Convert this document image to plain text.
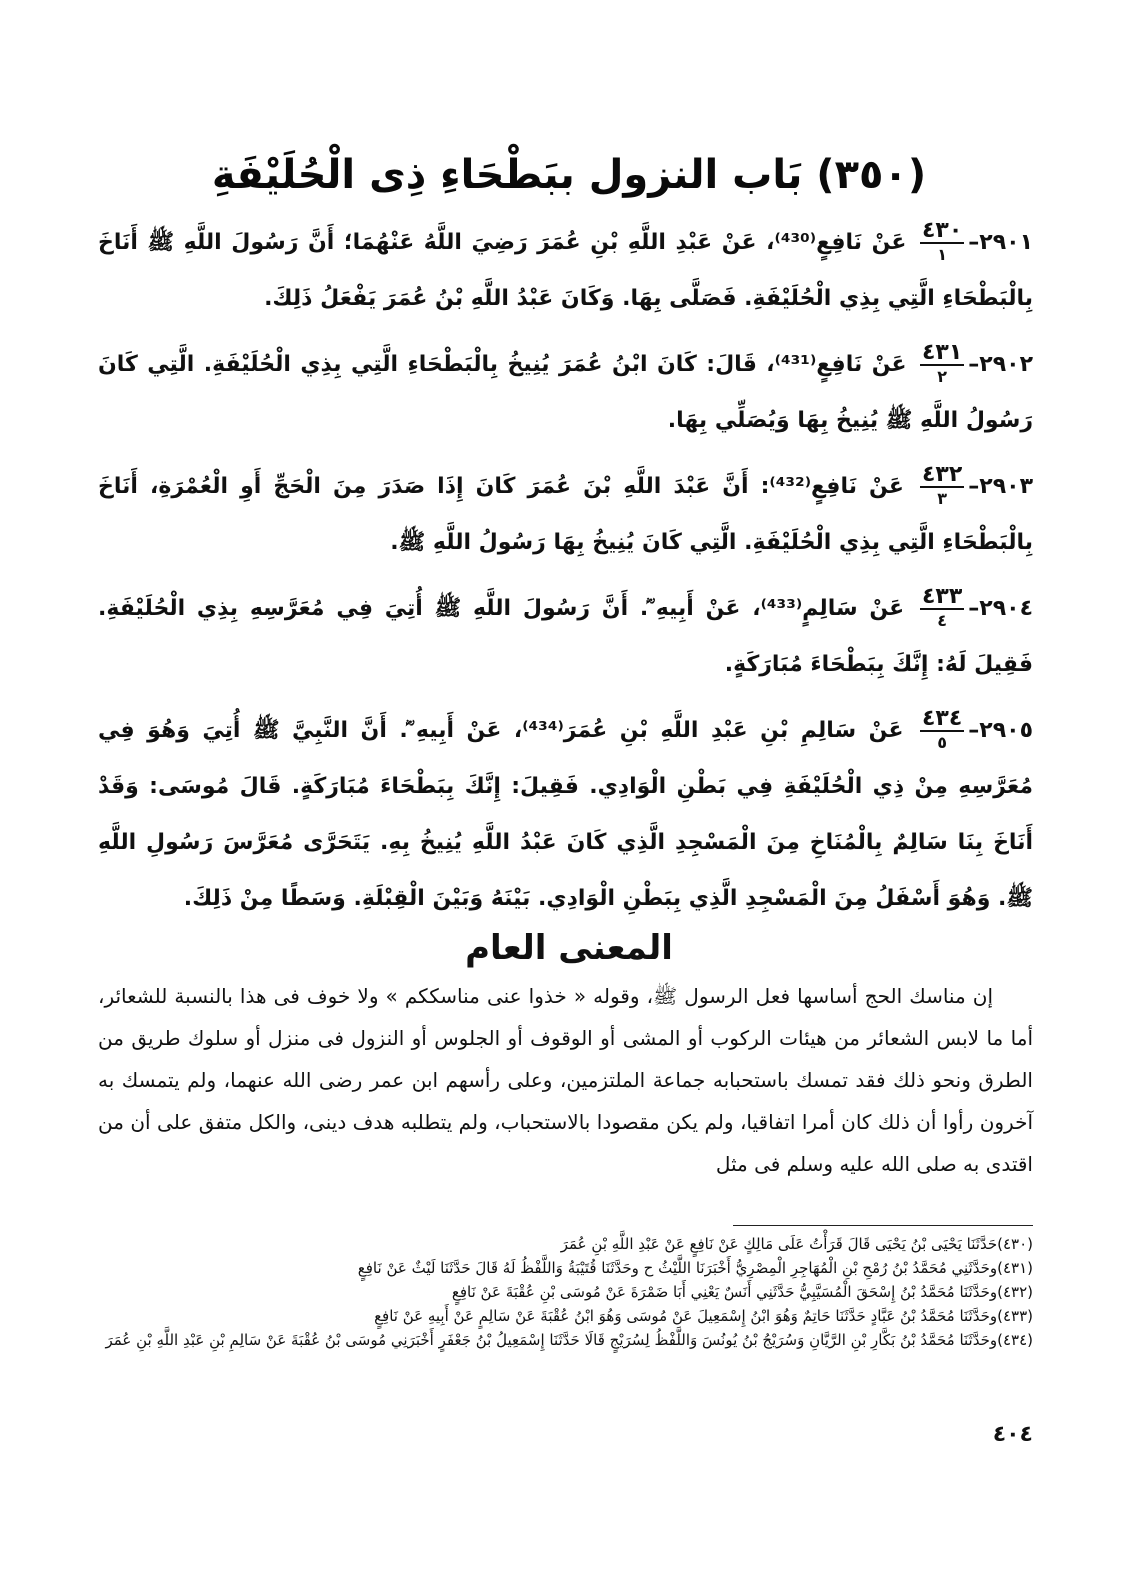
(٣٥٠) بَاب النزول ببَطْحَاءِ ذِى الْحُلَيْفَةِ

٢٩٠١–
٤٣٠
١
عَنْ نَافِعٍ⁽⁴³⁰⁾، عَنْ عَبْدِ اللَّهِ بْنِ عُمَرَ رَضِيَ اللَّهُ عَنْهُمَا؛ أَنَّ رَسُولَ اللَّهِ ﷺ أَنَاخَ بِالْبَطْحَاءِ الَّتِي بِذِي الْحُلَيْفَةِ. فَصَلَّى بِهَا. وَكَانَ عَبْدُ اللَّهِ بْنُ عُمَرَ يَفْعَلُ ذَلِكَ.

٢٩٠٢–
٤٣١
٢
عَنْ نَافِعٍ⁽⁴³¹⁾، قَالَ: كَانَ ابْنُ عُمَرَ يُنِيخُ بِالْبَطْحَاءِ الَّتِي بِذِي الْحُلَيْفَةِ. الَّتِي كَانَ رَسُولُ اللَّهِ ﷺ يُنِيخُ بِهَا وَيُصَلِّي بِهَا.

٢٩٠٣–
٤٣٢
٣
عَنْ نَافِعٍ⁽⁴³²⁾: أَنَّ عَبْدَ اللَّهِ بْنَ عُمَرَ كَانَ إِذَا صَدَرَ مِنَ الْحَجِّ أَوِ الْعُمْرَةِ، أَنَاخَ بِالْبَطْحَاءِ الَّتِي بِذِي الْحُلَيْفَةِ. الَّتِي كَانَ يُنِيخُ بِهَا رَسُولُ اللَّهِ ﷺ.

٢٩٠٤–
٤٣٣
٤
عَنْ سَالِمٍ⁽⁴³³⁾، عَنْ أَبِيهِ ؓ. أَنَّ رَسُولَ اللَّهِ ﷺ أُتِيَ فِي مُعَرَّسِهِ بِذِي الْحُلَيْفَةِ. فَقِيلَ لَهُ: إِنَّكَ بِبَطْحَاءَ مُبَارَكَةٍ.

٢٩٠٥–
٤٣٤
٥
عَنْ سَالِمِ بْنِ عَبْدِ اللَّهِ بْنِ عُمَرَ⁽⁴³⁴⁾، عَنْ أَبِيهِ ؓ. أَنَّ النَّبِيَّ ﷺ أُتِيَ وَهُوَ فِي مُعَرَّسِهِ مِنْ ذِي الْحُلَيْفَةِ فِي بَطْنِ الْوَادِي. فَقِيلَ: إِنَّكَ بِبَطْحَاءَ مُبَارَكَةٍ. قَالَ مُوسَى: وَقَدْ أَنَاخَ بِنَا سَالِمٌ بِالْمُنَاخِ مِنَ الْمَسْجِدِ الَّذِي كَانَ عَبْدُ اللَّهِ يُنِيخُ بِهِ. يَتَحَرَّى مُعَرَّسَ رَسُولِ اللَّهِ ﷺ. وَهُوَ أَسْفَلُ مِنَ الْمَسْجِدِ الَّذِي بِبَطْنِ الْوَادِي. بَيْنَهُ وَبَيْنَ الْقِبْلَةِ. وَسَطًا مِنْ ذَلِكَ.

المعنى العام

إن مناسك الحج أساسها فعل الرسول ﷺ، وقوله « خذوا عنى مناسككم » ولا خوف فى هذا بالنسبة للشعائر، أما ما لابس الشعائر من هيئات الركوب أو المشى أو الوقوف أو الجلوس أو النزول فى منزل أو سلوك طريق من الطرق ونحو ذلك فقد تمسك باستحبابه جماعة الملتزمين، وعلى رأسهم ابن عمر رضى الله عنهما، ولم يتمسك به آخرون رأوا أن ذلك كان أمرا اتفاقيا، ولم يكن مقصودا بالاستحباب، ولم يتطلبه هدف دينى، والكل متفق على أن من اقتدى به صلى الله عليه وسلم فى مثل

(٤٣٠)حَدَّثَنَا يَحْيَى بْنُ يَحْيَى قَالَ قَرَأْتُ عَلَى مَالِكٍ عَنْ نَافِعٍ عَنْ عَبْدِ اللَّهِ بْنِ عُمَرَ
(٤٣١)وحَدَّثَنِي مُحَمَّدُ بْنُ رُمْحِ بْنِ الْمُهَاجِرِ الْمِصْرِيُّ أَخْبَرَنَا اللَّيْثُ ح وحَدَّثَنَا قُتَيْبَةُ وَاللَّفْظُ لَهُ قَالَ حَدَّثَنَا لَيْثٌ عَنْ نَافِعٍ
(٤٣٢)وحَدَّثَنَا مُحَمَّدُ بْنُ إِسْحَقَ الْمُسَيَّبِيُّ حَدَّثَنِي أَنَسٌ يَعْنِي أَبَا ضَمْرَةَ عَنْ مُوسَى بْنِ عُقْبَةَ عَنْ نَافِعٍ
(٤٣٣)وحَدَّثَنَا مُحَمَّدُ بْنُ عَبَّادٍ حَدَّثَنَا حَاتِمٌ وَهُوَ ابْنُ إِسْمَعِيلَ عَنْ مُوسَى وَهُوَ ابْنُ عُقْبَةَ عَنْ سَالِمٍ عَنْ أَبِيهِ عَنْ نَافِعٍ
(٤٣٤)وحَدَّثَنَا مُحَمَّدُ بْنُ بَكَّارِ بْنِ الرَّيَّانِ وَسُرَيْجُ بْنُ يُونُسَ وَاللَّفْظُ لِسُرَيْجٍ قَالَا حَدَّثَنَا إِسْمَعِيلُ بْنُ جَعْفَرٍ أَخْبَرَنِي مُوسَى بْنُ عُقْبَةَ عَنْ سَالِمِ بْنِ عَبْدِ اللَّهِ بْنِ عُمَرَ
٤٠٤
